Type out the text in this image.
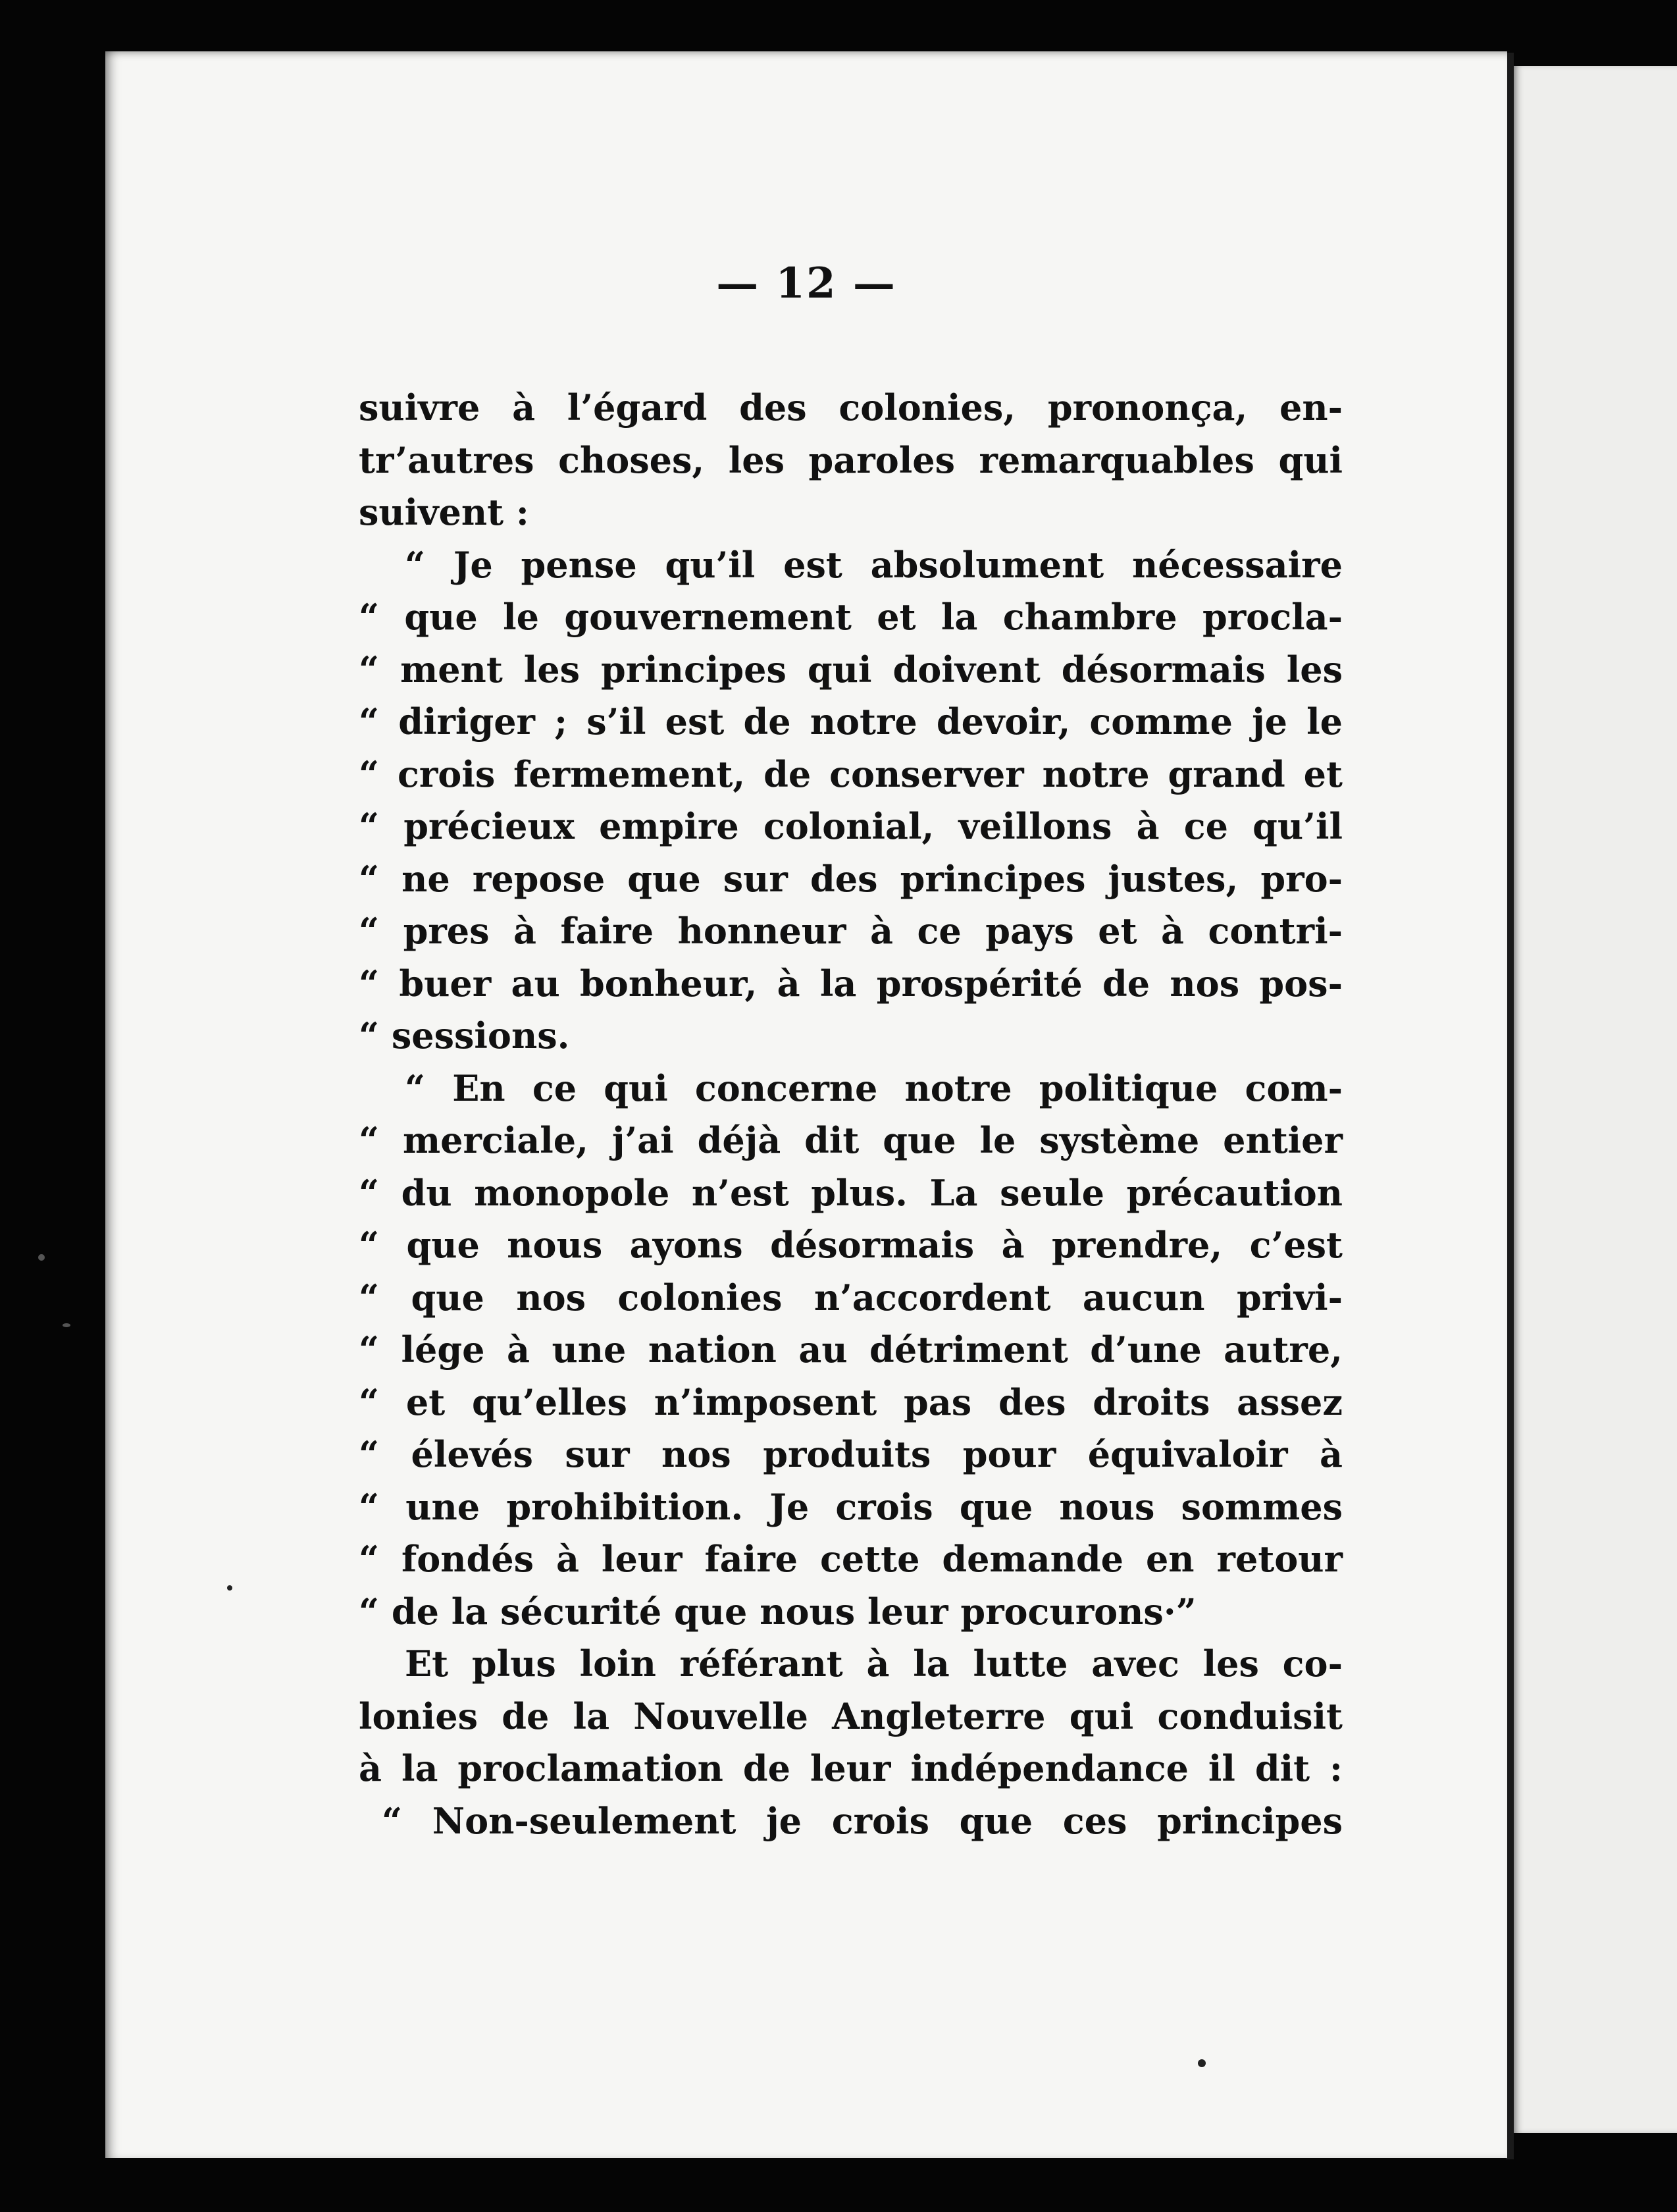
— 12 —
suivre à l’égard des colonies, prononça, en-
tr’autres choses, les paroles remarquables qui
suivent :
“ Je pense qu’il est absolument nécessaire
“ que le gouvernement et la chambre procla-
“ ment les principes qui doivent désormais les
“ diriger ; s’il est de notre devoir, comme je le
“ crois fermement, de conserver notre grand et
“ précieux empire colonial, veillons à ce qu’il
“ ne repose que sur des principes justes, pro-
“ pres à faire honneur à ce pays et à contri-
“ buer au bonheur, à la prospérité de nos pos-
“ sessions.
“ En ce qui concerne notre politique com-
“ merciale, j’ai déjà dit que le système entier
“ du monopole n’est plus. La seule précaution
“ que nous ayons désormais à prendre, c’est
“ que nos colonies n’accordent aucun privi-
“ lége à une nation au détriment d’une autre,
“ et qu’elles n’imposent pas des droits assez
“ élevés sur nos produits pour équivaloir à
“ une prohibition. Je crois que nous sommes
“ fondés à leur faire cette demande en retour
“ de la sécurité que nous leur procurons·”
Et plus loin référant à la lutte avec les co-
lonies de la Nouvelle Angleterre qui conduisit
à la proclamation de leur indépendance il dit :
“ Non-seulement je crois que ces principes
